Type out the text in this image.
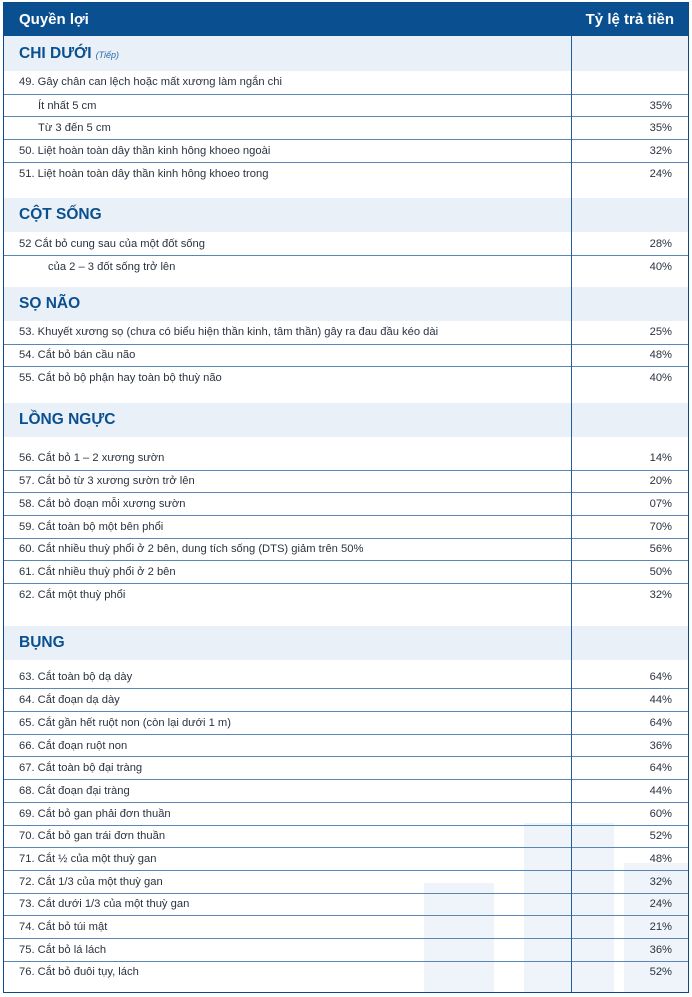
Quyền lợi	Tỷ lệ trả tiền
CHI DƯỚI (Tiếp)
49. Gây chân can lệch hoặc mất xương làm ngắn chi
Ít nhất 5 cm	35%
Từ 3 đến 5 cm	35%
50. Liệt hoàn toàn dây thần kinh hông khoeo ngoài	32%
51. Liệt hoàn toàn dây thần kinh hông khoeo trong	24%
CỘT SỐNG
52 Cắt bỏ cung sau của một đốt sống	28%
của 2 – 3 đốt sống trở lên	40%
SỌ NÃO
53. Khuyết xương sọ (chưa có biểu hiện thần kinh, tâm thần) gây ra đau đầu kéo dài	25%
54. Cắt bỏ bán cầu não	48%
55. Cắt bỏ bộ phận hay toàn bộ thuỳ não	40%
LỒNG NGỰC
56. Cắt bỏ 1 – 2 xương sườn	14%
57. Cắt bỏ từ 3 xương sườn trở lên	20%
58. Cắt bỏ đoạn mỗi xương sườn	07%
59. Cắt toàn bộ một bên phổi	70%
60. Cắt nhiều thuỳ phổi ở 2 bên, dung tích sống (DTS) giảm trên 50%	56%
61. Cắt nhiều thuỳ phổi ở 2 bên	50%
62. Cắt một thuỳ phổi	32%
BỤNG
63. Cắt toàn bộ dạ dày	64%
64. Cắt đoạn dạ dày	44%
65. Cắt gần hết ruột non (còn lại dưới 1 m)	64%
66. Cắt đoạn ruột non	36%
67. Cắt toàn bộ đại tràng	64%
68. Cắt đoạn đại tràng	44%
69. Cắt bỏ gan phải đơn thuần	60%
70. Cắt bỏ gan trái đơn thuần	52%
71. Cắt ½ của một thuỳ gan	48%
72. Cắt 1/3 của một thuỳ gan	32%
73. Cắt dưới 1/3 của một thuỳ gan	24%
74. Cắt bỏ túi mật	21%
75. Cắt bỏ lá lách	36%
76. Cắt bỏ đuôi tụy, lách	52%
